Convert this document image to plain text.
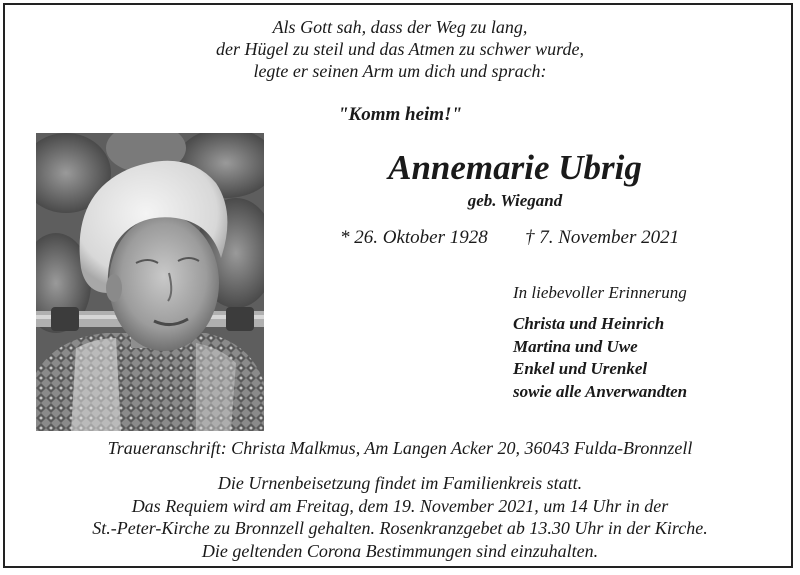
Als Gott sah, dass der Weg zu lang,
der Hügel zu steil und das Atmen zu schwer wurde,
legte er seinen Arm um dich und sprach:
"Komm heim!"
Annemarie Ubrig
geb. Wiegand
* 26. Oktober 1928 † 7. November 2021
In liebevoller Erinnerung
Christa und Heinrich
Martina und Uwe
Enkel und Urenkel
sowie alle Anverwandten
Traueranschrift: Christa Malkmus, Am Langen Acker 20, 36043 Fulda-Bronnzell
Die Urnenbeisetzung findet im Familienkreis statt.
Das Requiem wird am Freitag, dem 19. November 2021, um 14 Uhr in der
St.-Peter-Kirche zu Bronnzell gehalten. Rosenkranzgebet ab 13.30 Uhr in der Kirche.
Die geltenden Corona Bestimmungen sind einzuhalten.
